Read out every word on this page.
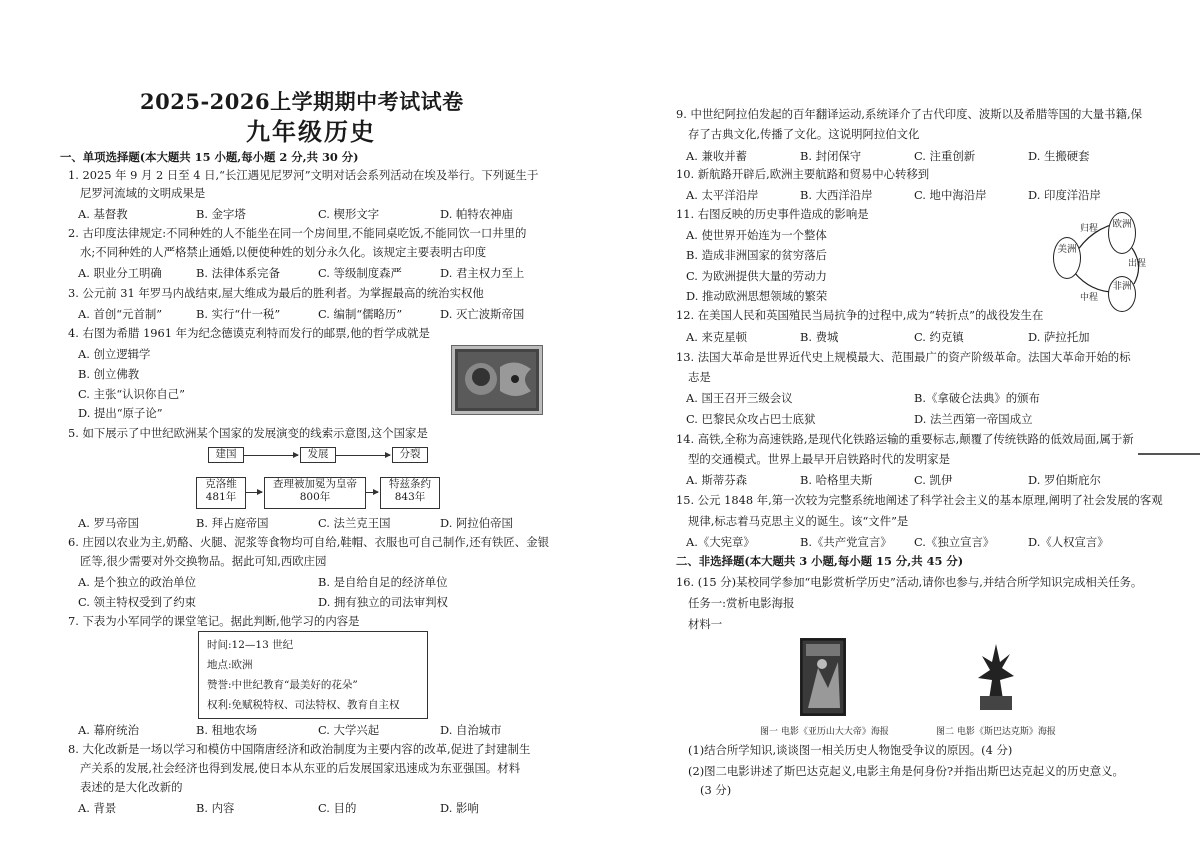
2025-2026上学期期中考试试卷
九年级历史
一、单项选择题(本大题共 15 小题,每小题 2 分,共 30 分)
1. 2025 年 9 月 2 日至 4 日,“长江遇见尼罗河”文明对话会系列活动在埃及举行。下列诞生于
尼罗河流域的文明成果是
A. 基督教	B. 金字塔	C. 楔形文字	D. 帕特农神庙
2. 古印度法律规定:不同种姓的人不能坐在同一个房间里,不能同桌吃饭,不能同饮一口井里的
水;不同种姓的人严格禁止通婚,以便使种姓的划分永久化。该规定主要表明古印度
A. 职业分工明确	B. 法律体系完备	C. 等级制度森严	D. 君主权力至上
3. 公元前 31 年罗马内战结束,屋大维成为最后的胜利者。为掌握最高的统治实权他
A. 首创“元首制”	B. 实行“什一税”	C. 编制“儒略历”	D. 灭亡波斯帝国
4. 右图为希腊 1961 年为纪念德谟克利特而发行的邮票,他的哲学成就是
A. 创立逻辑学
B. 创立佛教
C. 主张“认识你自己”
D. 提出“原子论”
5. 如下展示了中世纪欧洲某个国家的发展演变的线索示意图,这个国家是
建国	发展	分裂
克洛维
481年
查理被加冕为皇帝
800年
特兹条约
843年
A. 罗马帝国	B. 拜占庭帝国	C. 法兰克王国	D. 阿拉伯帝国
6. 庄园以农业为主,奶酪、火腿、泥浆等食物均可自给,鞋帽、衣服也可自己制作,还有铁匠、金银
匠等,很少需要对外交换物品。据此可知,西欧庄园
A. 是个独立的政治单位	B. 是自给自足的经济单位
C. 领主特权受到了约束	D. 拥有独立的司法审判权
7. 下表为小军同学的课堂笔记。据此判断,他学习的内容是
时间:12—13 世纪
地点:欧洲
赞誉:中世纪教育“最美好的花朵”
权利:免赋税特权、司法特权、教育自主权
A. 幕府统治	B. 租地农场	C. 大学兴起	D. 自治城市
8. 大化改新是一场以学习和模仿中国隋唐经济和政治制度为主要内容的改革,促进了封建制生
产关系的发展,社会经济也得到发展,使日本从东亚的后发展国家迅速成为东亚强国。材料
表述的是大化改新的
A. 背景	B. 内容	C. 目的	D. 影响
9. 中世纪阿拉伯发起的百年翻译运动,系统译介了古代印度、波斯以及希腊等国的大量书籍,保
存了古典文化,传播了文化。这说明阿拉伯文化
A. 兼收并蓄	B. 封闭保守	C. 注重创新	D. 生搬硬套
10. 新航路开辟后,欧洲主要航路和贸易中心转移到
A. 太平洋沿岸	B. 大西洋沿岸	C. 地中海沿岸	D. 印度洋沿岸
11. 右图反映的历史事件造成的影响是
A. 使世界开始连为一个整体
B. 造成非洲国家的贫穷落后
C. 为欧洲提供大量的劳动力
D. 推动欧洲思想领域的繁荣
美洲
欧洲
非洲
归程
出程
中程
12. 在美国人民和英国殖民当局抗争的过程中,成为“转折点”的战役发生在
A. 来克星顿	B. 费城	C. 约克镇	D. 萨拉托加
13. 法国大革命是世界近代史上规模最大、范围最广的资产阶级革命。法国大革命开始的标
志是
A. 国王召开三级会议	B.《拿破仑法典》的颁布
C. 巴黎民众攻占巴士底狱	D. 法兰西第一帝国成立
14. 高铁,全称为高速铁路,是现代化铁路运输的重要标志,颠覆了传统铁路的低效局面,属于新
型的交通模式。世界上最早开启铁路时代的发明家是
A. 斯蒂芬森	B. 哈格里夫斯	C. 凯伊	D. 罗伯斯庇尔
15. 公元 1848 年,第一次较为完整系统地阐述了科学社会主义的基本原理,阐明了社会发展的客观
规律,标志着马克思主义的诞生。该“文件”是
A.《大宪章》	B.《共产党宣言》 C.《独立宣言》	D.《人权宣言》
二、非选择题(本大题共 3 小题,每小题 15 分,共 45 分)
16. (15 分)某校同学参加“电影赏析学历史”活动,请你也参与,并结合所学知识完成相关任务。
任务一:赏析电影海报
材料一
图一 电影《亚历山大大帝》海报	图二 电影《斯巴达克斯》海报
(1)结合所学知识,谈谈图一相关历史人物饱受争议的原因。(4 分)
(2)图二电影讲述了斯巴达克起义,电影主角是何身份?并指出斯巴达克起义的历史意义。
(3 分)
